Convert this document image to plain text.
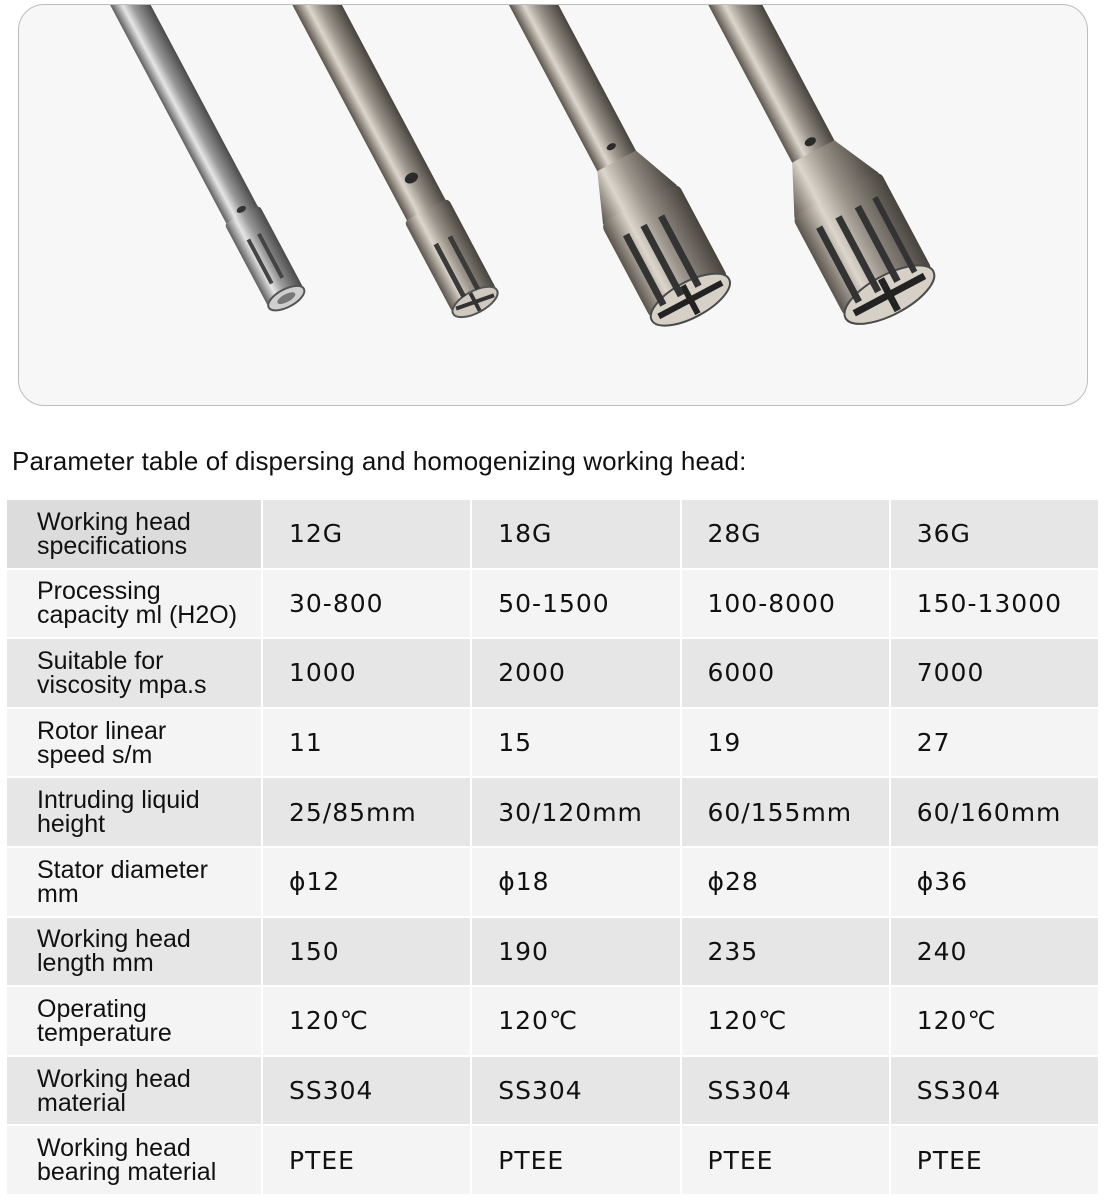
Parameter table of dispersing and homogenizing working head:
Working head
specifications	12G	18G	28G	36G
Processing
capacity ml (H2O)	30-800	50-1500	100-8000	150-13000
Suitable for
viscosity mpa.s	1000	2000	6000	7000
Rotor linear
speed s/m	11	15	19	27
Intruding liquid
height	25/85mm	30/120mm	60/155mm	60/160mm
Stator diameter
mm	ϕ12	ϕ18	ϕ28	ϕ36
Working head
length mm	150	190	235	240
Operating
temperature	120℃	120℃	120℃	120℃
Working head
material	SS304	SS304	SS304	SS304
Working head
bearing material	PTEE	PTEE	PTEE	PTEE
